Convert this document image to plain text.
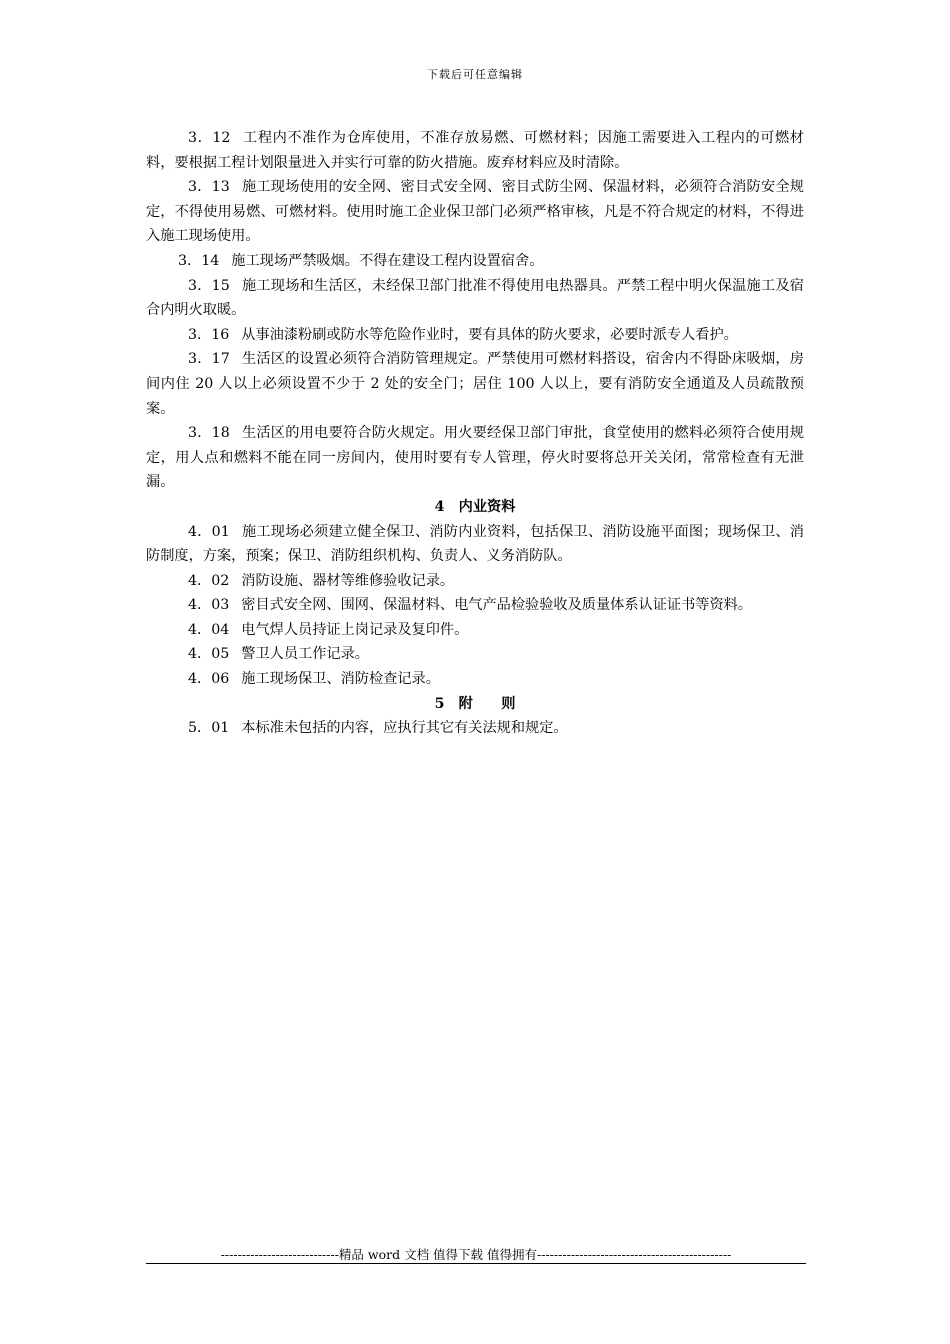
下载后可任意编辑

3．12 工程内不准作为仓库使用，不准存放易燃、可燃材料；因施工需要进入工程内的可燃材料，要根据工程计划限量进入并实行可靠的防火措施。废弃材料应及时清除。

3．13 施工现场使用的安全网、密目式安全网、密目式防尘网、保温材料，必须符合消防安全规定，不得使用易燃、可燃材料。使用时施工企业保卫部门必须严格审核，凡是不符合规定的材料，不得进入施工现场使用。

3．14 施工现场严禁吸烟。不得在建设工程内设置宿舍。

3．15 施工现场和生活区，未经保卫部门批准不得使用电热器具。严禁工程中明火保温施工及宿合内明火取暖。

3．16 从事油漆粉刷或防水等危险作业时，要有具体的防火要求，必要时派专人看护。

3．17 生活区的设置必须符合消防管理规定。严禁使用可燃材料搭设，宿舍内不得卧床吸烟，房间内住 20 人以上必须设置不少于 2 处的安全门；居住 100 人以上，要有消防安全通道及人员疏散预案。

3．18 生活区的用电要符合防火规定。用火要经保卫部门审批，食堂使用的燃料必须符合使用规定，用人点和燃料不能在同一房间内，使用时要有专人管理，停火时要将总开关关闭，常常检查有无泄漏。

4　内业资料

4．01 施工现场必须建立健全保卫、消防内业资料，包括保卫、消防设施平面图；现场保卫、消防制度，方案，预案；保卫、消防组织机构、负责人、义务消防队。

4．02 消防设施、器材等维修验收记录。

4．03 密目式安全网、围网、保温材料、电气产品检验验收及质量体系认证证书等资料。

4．04 电气焊人员持证上岗记录及复印件。

4．05 警卫人员工作记录。

4．06 施工现场保卫、消防检查记录。

5　附　　则

5．01 本标准未包括的内容，应执行其它有关法规和规定。

----------------------------精品 word 文档 值得下载 值得拥有----------------------------------------------
